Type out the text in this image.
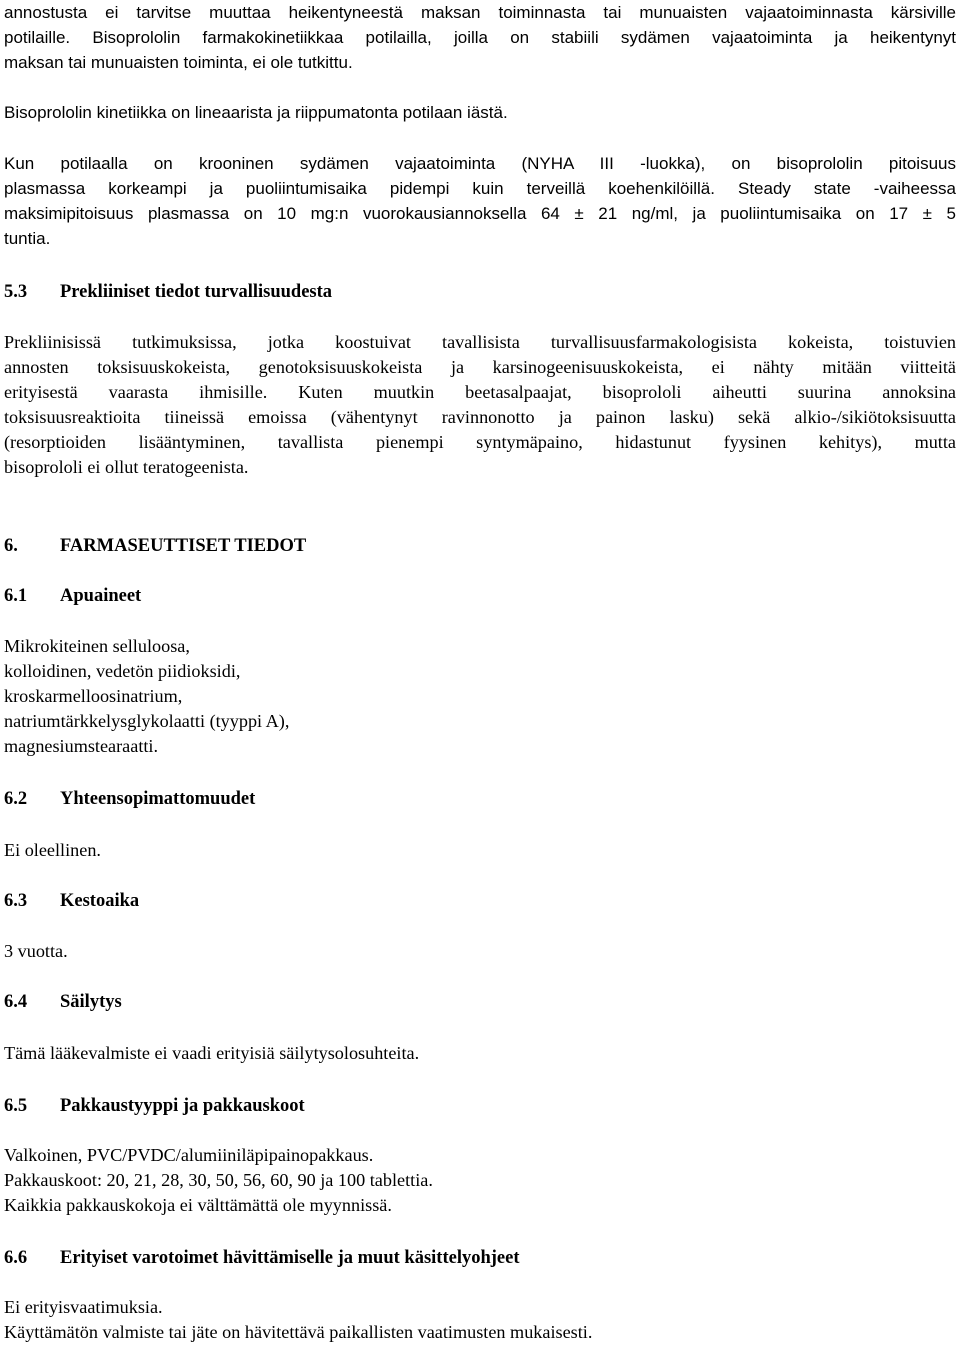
annostusta ei tarvitse muuttaa heikentyneestä maksan toiminnasta tai munuaisten vajaatoiminnasta kärsiville

potilaille. Bisoprololin farmakokinetiikkaa potilailla, joilla on stabiili sydämen vajaatoiminta ja heikentynyt

maksan tai munuaisten toiminta, ei ole tutkittu.

Bisoprololin kinetiikka on lineaarista ja riippumatonta potilaan iästä.

Kun potilaalla on krooninen sydämen vajaatoiminta (NYHA III -luokka), on bisoprololin pitoisuus

plasmassa korkeampi ja puoliintumisaika pidempi kuin terveillä koehenkilöillä. Steady state -vaiheessa

maksimipitoisuus plasmassa on 10 mg:n vuorokausiannoksella 64 ± 21 ng/ml, ja puoliintumisaika on 17 ± 5

tuntia.

5.3 Prekliiniset tiedot turvallisuudesta

Prekliinisissä tutkimuksissa, jotka koostuivat tavallisista turvallisuusfarmakologisista kokeista, toistuvien

annosten toksisuuskokeista, genotoksisuuskokeista ja karsinogeenisuuskokeista, ei nähty mitään viitteitä

erityisestä vaarasta ihmisille. Kuten muutkin beetasalpaajat, bisoprololi aiheutti suurina annoksina

toksisuusreaktioita tiineissä emoissa (vähentynyt ravinnonotto ja painon lasku) sekä alkio-/sikiötoksisuutta

(resorptioiden lisääntyminen, tavallista pienempi syntymäpaino, hidastunut fyysinen kehitys), mutta

bisoprololi ei ollut teratogeenista.

6. FARMASEUTTISET TIEDOT
6.1 Apuaineet

Mikrokiteinen selluloosa,

kolloidinen, vedetön piidioksidi,

kroskarmelloosinatrium,

natriumtärkkelysglykolaatti (tyyppi A),

magnesiumstearaatti.

6.2 Yhteensopimattomuudet

Ei oleellinen.

6.3 Kestoaika

3 vuotta.

6.4 Säilytys

Tämä lääkevalmiste ei vaadi erityisiä säilytysolosuhteita.

6.5 Pakkaustyyppi ja pakkauskoot

Valkoinen, PVC/PVDC/alumiiniläpipainopakkaus.

Pakkauskoot: 20, 21, 28, 30, 50, 56, 60, 90 ja 100 tablettia.

Kaikkia pakkauskokoja ei välttämättä ole myynnissä.

6.6 Erityiset varotoimet hävittämiselle ja muut käsittelyohjeet

Ei erityisvaatimuksia.

Käyttämätön valmiste tai jäte on hävitettävä paikallisten vaatimusten mukaisesti.
